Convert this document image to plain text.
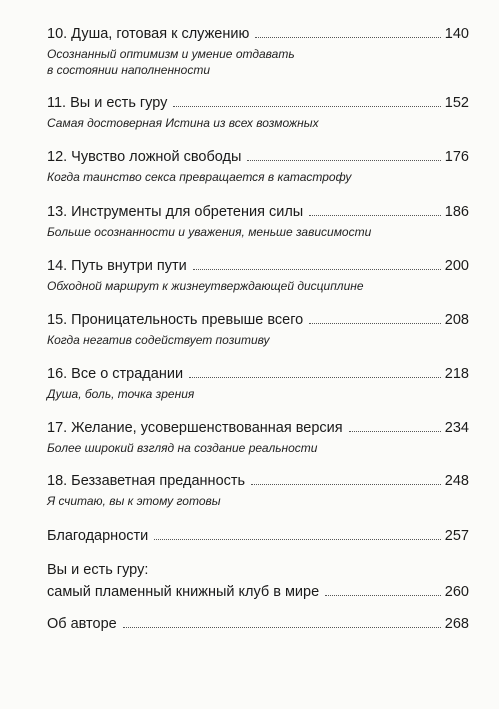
10. Душа, готовая к служению	140
Осознанный оптимизм и умение отдавать
в состоянии наполненности
11. Вы и есть гуру	152
Самая достоверная Истина из всех возможных
12. Чувство ложной свободы	176
Когда таинство секса превращается в катастрофу
13. Инструменты для обретения силы	186
Больше осознанности и уважения, меньше зависимости
14. Путь внутри пути	200
Обходной маршрут к жизнеутверждающей дисциплине
15. Проницательность превыше всего	208
Когда негатив содействует позитиву
16. Все о страдании	218
Душа, боль, точка зрения
17. Желание, усовершенствованная версия	234
Более широкий взгляд на создание реальности
18. Беззаветная преданность	248
Я считаю, вы к этому готовы
Благодарности	257
Вы и есть гуру:
самый пламенный книжный клуб в мире	260
Об авторе	268
